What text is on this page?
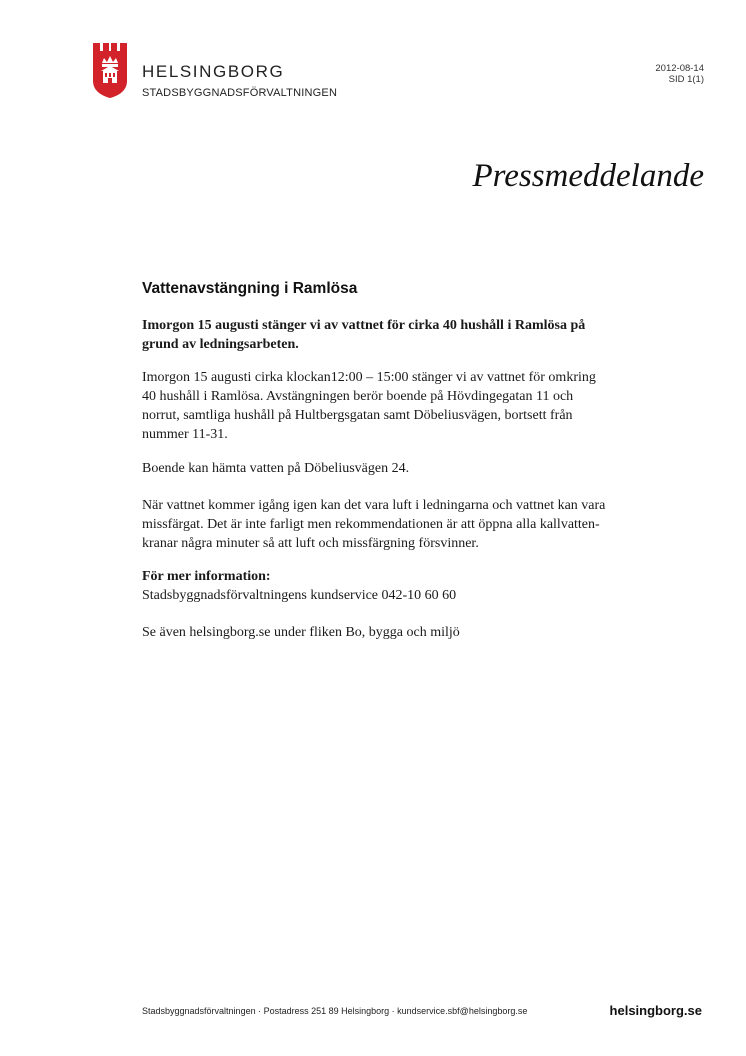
HELSINGBORG
STADSBYGGNADSFÖRVALTNINGEN
2012-08-14
SID 1(1)
Pressmeddelande
Vattenavstängning i Ramlösa
Imorgon 15 augusti stänger vi av vattnet för cirka 40 hushåll i Ramlösa på grund av ledningsarbeten.
Imorgon 15 augusti cirka klockan12:00 – 15:00 stänger vi av vattnet för omkring 40 hushåll i Ramlösa. Avstängningen berör boende på Hövdingegatan 11 och norrut, samtliga hushåll på Hultbergsgatan samt Döbeliusvägen, bortsett från nummer 11-31.
Boende kan hämta vatten på Döbeliusvägen 24.
När vattnet kommer igång igen kan det vara luft i ledningarna och vattnet kan vara missfärgat. Det är inte farligt men rekommendationen är att öppna alla kallvatten-kranar några minuter så att luft och missfärgning försvinner.
För mer information:
Stadsbyggnadsförvaltningens kundservice 042-10 60 60
Se även helsingborg.se under fliken Bo, bygga och miljö
Stadsbyggnadsförvaltningen · Postadress 251 89 Helsingborg · kundservice.sbf@helsingborg.se	helsingborg.se
